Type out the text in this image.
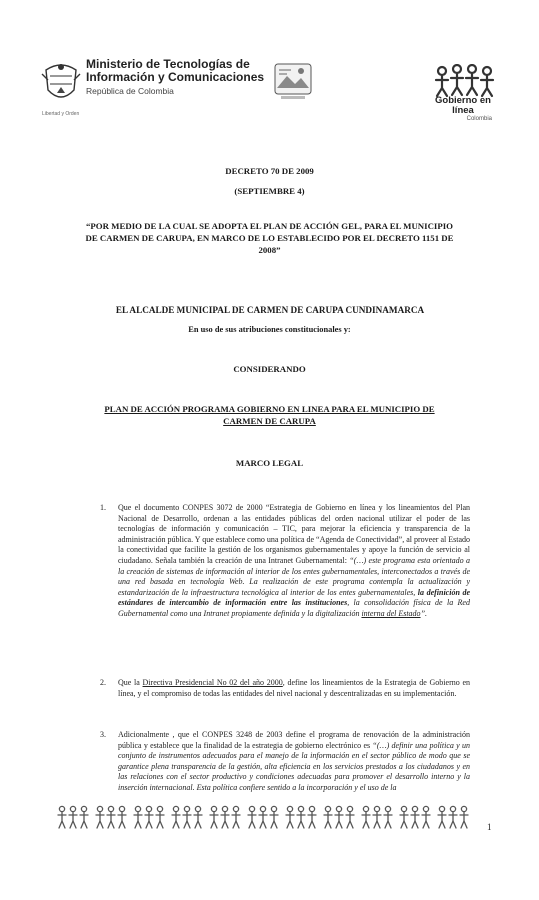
Libertad y Orden
Ministerio de Tecnologías de
Información y Comunicaciones
República de Colombia
Gobierno en línea
Colombia
DECRETO 70 DE 2009
(SEPTIEMBRE 4)
“POR MEDIO DE LA CUAL SE ADOPTA EL PLAN DE ACCIÓN GEL, PARA EL MUNICIPIO DE CARMEN DE CARUPA, EN MARCO DE LO ESTABLECIDO POR EL DECRETO 1151 DE 2008”
EL ALCALDE MUNICIPAL DE CARMEN DE CARUPA CUNDINAMARCA
En uso de sus atribuciones constitucionales y:
CONSIDERANDO
PLAN DE ACCIÓN PROGRAMA GOBIERNO EN LINEA PARA EL MUNICIPIO DE CARMEN DE CARUPA
MARCO LEGAL
1. Que el documento CONPES 3072 de 2000 “Estrategia de Gobierno en línea y los lineamientos del Plan Nacional de Desarrollo, ordenan a las entidades públicas del orden nacional utilizar el poder de las tecnologías de información y comunicación – TIC, para mejorar la eficiencia y transparencia de la administración pública. Y que establece como una política de “Agenda de Conectividad”, al proveer al Estado la conectividad que facilite la gestión de los organismos gubernamentales y apoye la función de servicio al ciudadano. Señala también la creación de una Intranet Gubernamental: “(…) este programa esta orientado a la creación de sistemas de información al interior de los entes gubernamentales, interconectados a través de una red basada en tecnología Web. La realización de este programa contempla la actualización y estandarización de la infraestructura tecnológica al interior de los entes gubernamentales, la definición de estándares de intercambio de información entre las instituciones, la consolidación física de la Red Gubernamental como una Intranet propiamente definida y la digitalización interna del Estado”.
2. Que la Directiva Presidencial No 02 del año 2000, define los lineamientos de la Estrategia de Gobierno en línea, y el compromiso de todas las entidades del nivel nacional y descentralizadas en su implementación.
3. Adicionalmente , que el CONPES 3248 de 2003 define el programa de renovación de la administración pública y establece que la finalidad de la estrategia de gobierno electrónico es “(…) definir una política y un conjunto de instrumentos adecuados para el manejo de la información en el sector público de modo que se garantice plena transparencia de la gestión, alta eficiencia en los servicios prestados a los ciudadanos y en las relaciones con el sector productivo y condiciones adecuadas para promover el desarrollo interno y la inserción internacional. Esta política confiere sentido a la incorporación y el uso de la
1
